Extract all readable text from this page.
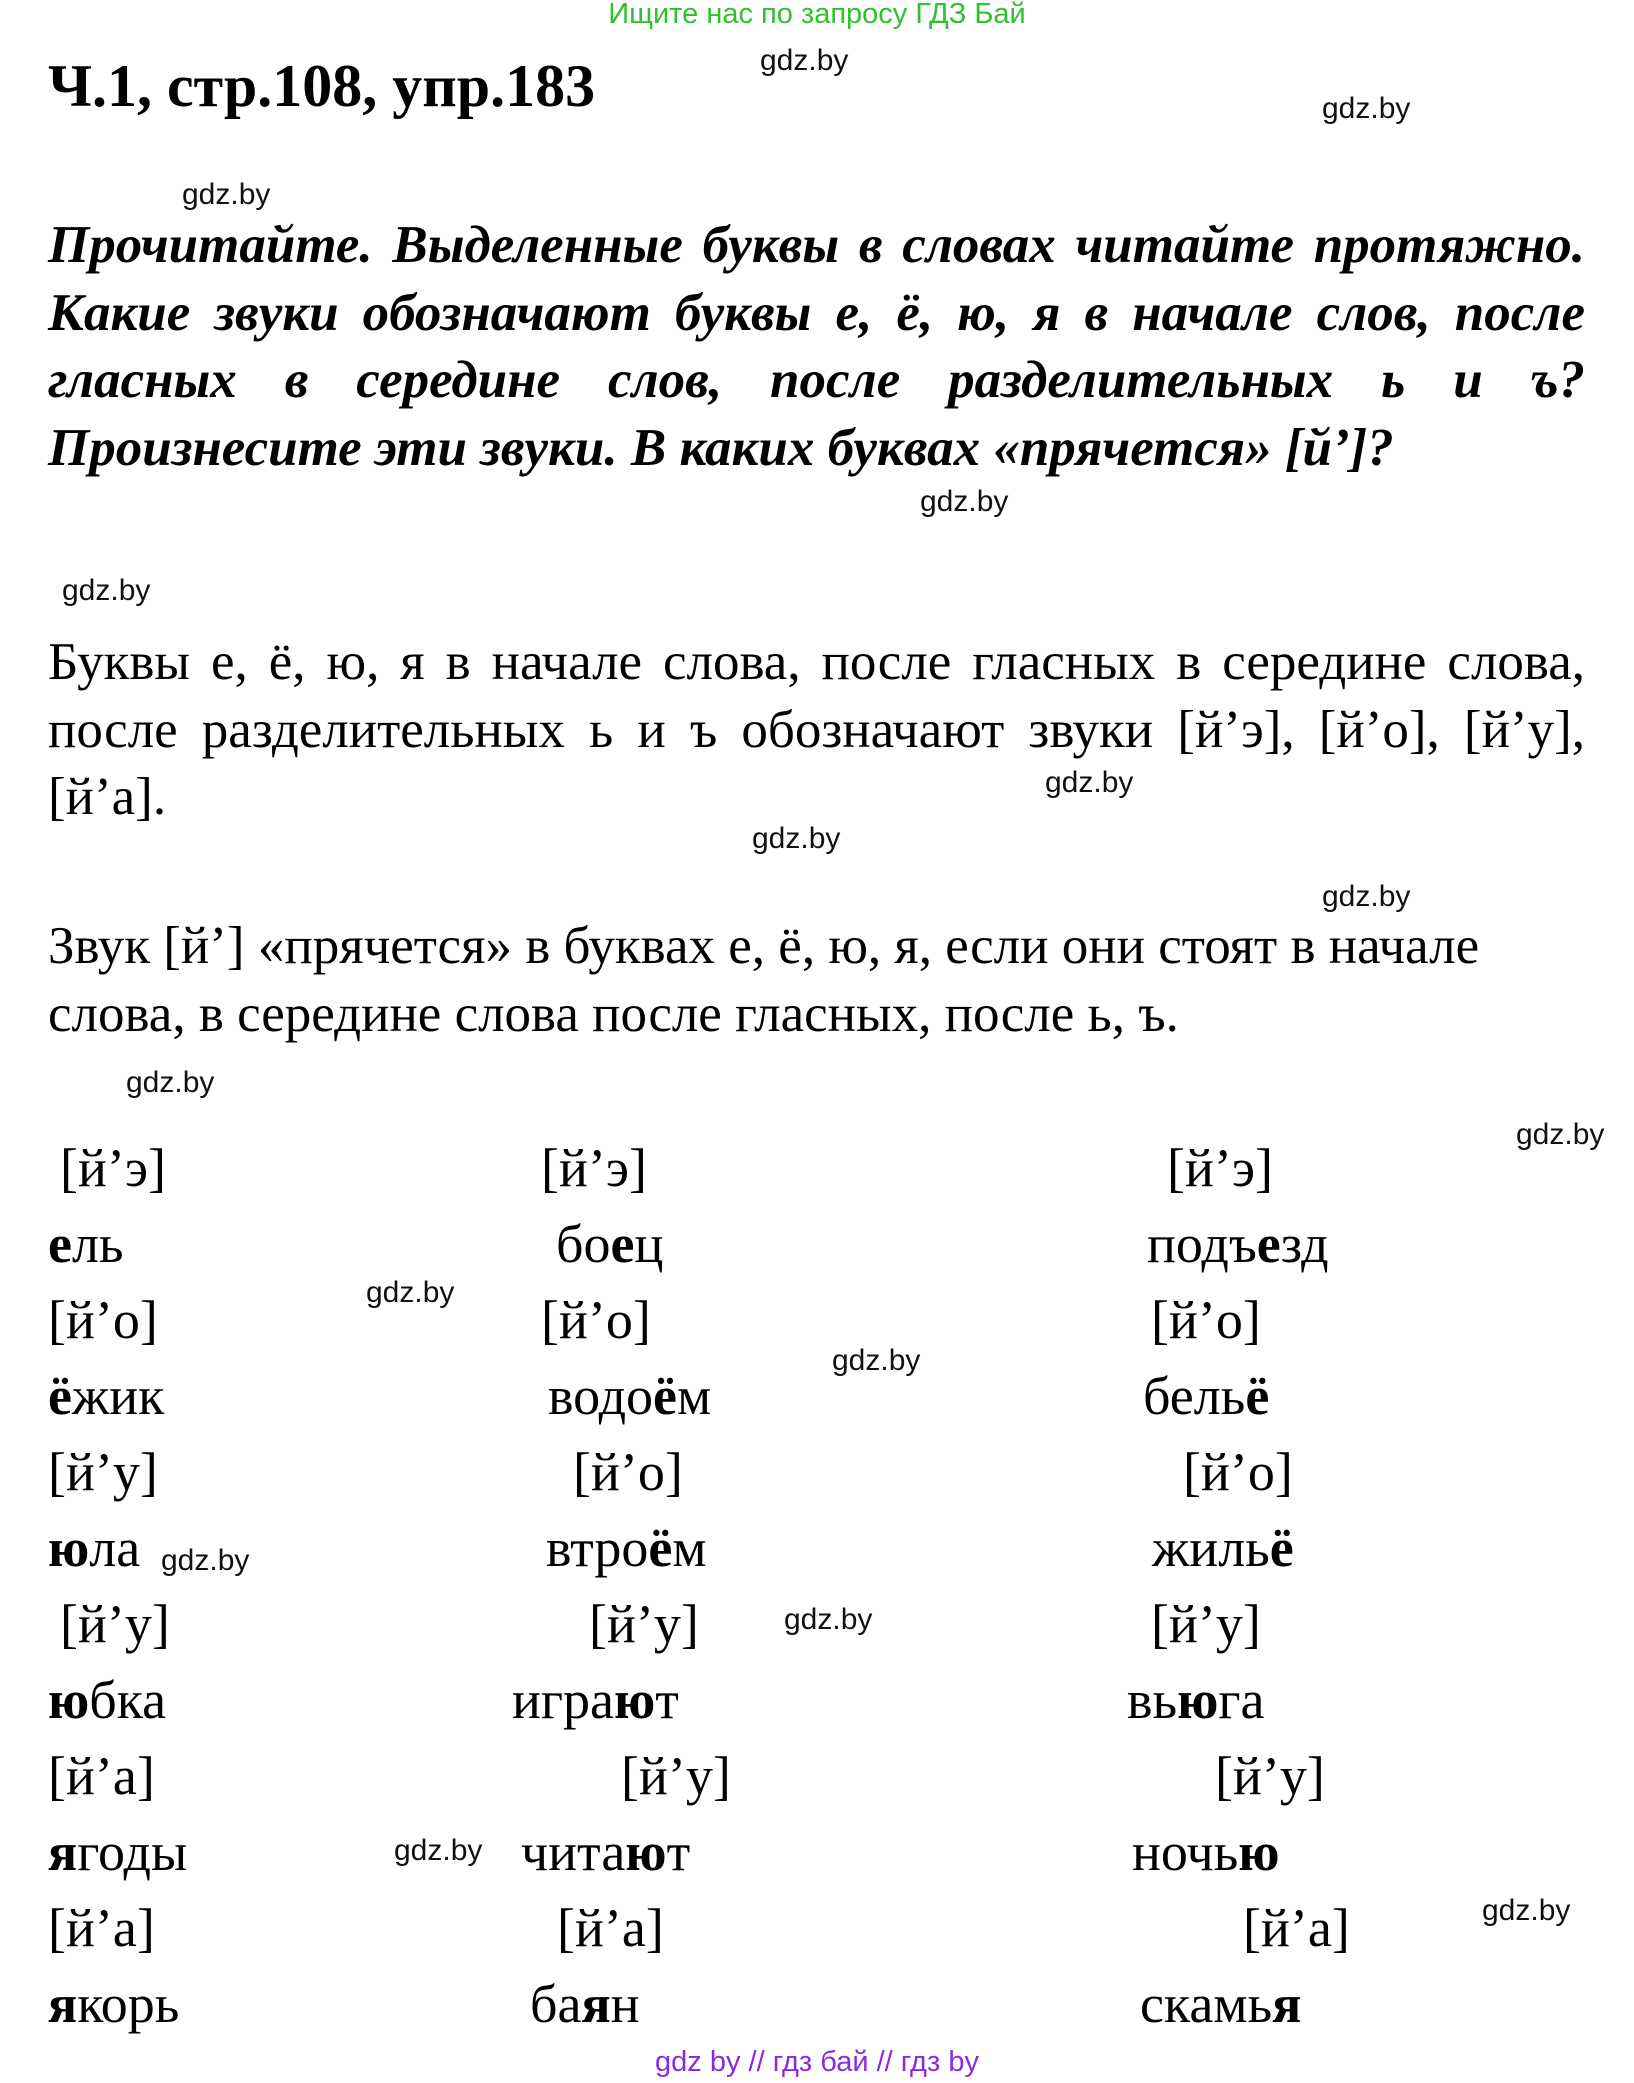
Ищите нас по запросу ГДЗ Бай
Ч.1, стр.108, упр.183
Прочитайте. Выделенные буквы в словах читайте протяжно. Какие звуки обозначают буквы е, ё, ю, я в начале слов, после гласных в середине слов, после разделительных ь и ъ? Произнесите эти звуки. В каких буквах «прячется» [й’]?
Буквы е, ё, ю, я в начале слова, после гласных в середине слова, после разделительных ь и ъ обозначают звуки [й’э], [й’о], [й’у], [й’а].
Звук [й’] «прячется» в буквах е, ё, ю, я, если они стоят в начале слова, в середине слова после гласных, после ь, ъ.
[й’э]	[й’э]	[й’э]
ель	боец	подъезд
[й’о]	[й’о]	[й’о]
ёжик	водоём	бельё
[й’у]	[й’о]	[й’о]
юла	втроём	жильё
[й’у]	[й’у]	[й’у]
юбка	играют	вьюга
[й’а]	[й’у]	[й’у]
ягоды	читают	ночью
[й’а]	[й’а]	[й’а]
якорь	баян	скамья
gdz.by
gdz.by
gdz.by
gdz.by
gdz.by
gdz.by
gdz.by
gdz.by
gdz.by
gdz.by
gdz.by
gdz.by
gdz.by
gdz.by
gdz.by
gdz.by
gdz by // гдз бай // гдз by
